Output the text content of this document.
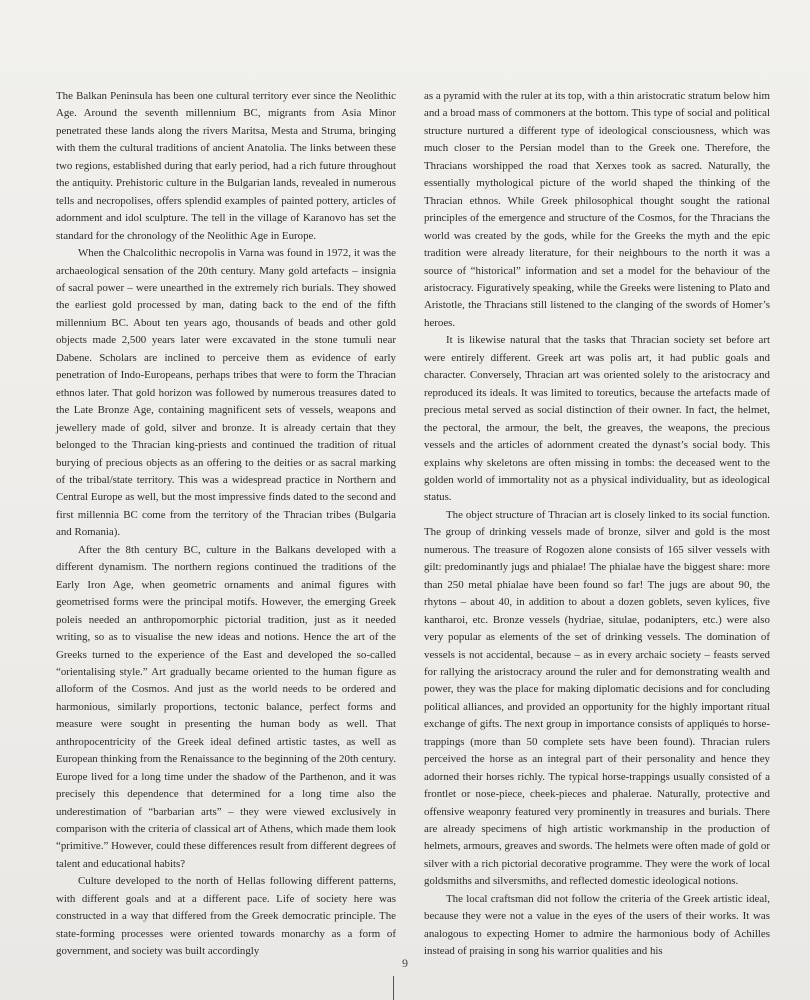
The Balkan Peninsula has been one cultural territory ever since the Neolithic Age. Around the seventh millennium BC, migrants from Asia Minor penetrated these lands along the rivers Maritsa, Mesta and Struma, bringing with them the cultural traditions of ancient Anatolia. The links between these two regions, established during that early period, had a rich future throughout the antiquity. Prehistoric culture in the Bulgarian lands, revealed in numerous tells and necropolises, offers splendid examples of painted pottery, articles of adornment and idol sculpture. The tell in the village of Karanovo has set the standard for the chronology of the Neolithic Age in Europe.

When the Chalcolithic necropolis in Varna was found in 1972, it was the archaeological sensation of the 20th century. Many gold artefacts – insignia of sacral power – were unearthed in the extremely rich burials. They showed the earliest gold processed by man, dating back to the end of the fifth millennium BC. About ten years ago, thousands of beads and other gold objects made 2,500 years later were excavated in the stone tumuli near Dabene. Scholars are inclined to perceive them as evidence of early penetration of Indo-Europeans, perhaps tribes that were to form the Thracian ethnos later. That gold horizon was followed by numerous treasures dated to the Late Bronze Age, containing magnificent sets of vessels, weapons and jewellery made of gold, silver and bronze. It is already certain that they belonged to the Thracian king-priests and continued the tradition of ritual burying of precious objects as an offering to the deities or as sacral marking of the tribal/state territory. This was a widespread practice in Northern and Central Europe as well, but the most impressive finds dated to the second and first millennia BC come from the territory of the Thracian tribes (Bulgaria and Romania).

After the 8th century BC, culture in the Balkans developed with a different dynamism. The northern regions continued the traditions of the Early Iron Age, when geometric ornaments and animal figures with geometrised forms were the principal motifs. However, the emerging Greek poleis needed an anthropomorphic pictorial tradition, just as it needed writing, so as to visualise the new ideas and notions. Hence the art of the Greeks turned to the experience of the East and developed the so-called “orientalising style.” Art gradually became oriented to the human figure as alloform of the Cosmos. And just as the world needs to be ordered and harmonious, similarly proportions, tectonic balance, perfect forms and measure were sought in presenting the human body as well. That anthropocentricity of the Greek ideal defined artistic tastes, as well as European thinking from the Renaissance to the beginning of the 20th century. Europe lived for a long time under the shadow of the Parthenon, and it was precisely this dependence that determined for a long time also the underestimation of “barbarian arts” – they were viewed exclusively in comparison with the criteria of classical art of Athens, which made them look “primitive.” However, could these differences result from different degrees of talent and educational habits?

Culture developed to the north of Hellas following different patterns, with different goals and at a different pace. Life of society here was constructed in a way that differed from the Greek democratic principle. The state-forming processes were oriented towards monarchy as a form of government, and society was built accordingly

as a pyramid with the ruler at its top, with a thin aristocratic stratum below him and a broad mass of commoners at the bottom. This type of social and political structure nurtured a different type of ideological consciousness, which was much closer to the Persian model than to the Greek one. Therefore, the Thracians worshipped the road that Xerxes took as sacred. Naturally, the essentially mythological picture of the world shaped the thinking of the Thracian ethnos. While Greek philosophical thought sought the rational principles of the emergence and structure of the Cosmos, for the Thracians the world was created by the gods, while for the Greeks the myth and the epic tradition were already literature, for their neighbours to the north it was a source of “historical” information and set a model for the behaviour of the aristocracy. Figuratively speaking, while the Greeks were listening to Plato and Aristotle, the Thracians still listened to the clanging of the swords of Homer’s heroes.

It is likewise natural that the tasks that Thracian society set before art were entirely different. Greek art was polis art, it had public goals and character. Conversely, Thracian art was oriented solely to the aristocracy and reproduced its ideals. It was limited to toreutics, because the artefacts made of precious metal served as social distinction of their owner. In fact, the helmet, the pectoral, the armour, the belt, the greaves, the weapons, the precious vessels and the articles of adornment created the dynast’s social body. This explains why skeletons are often missing in tombs: the deceased went to the golden world of immortality not as a physical individuality, but as ideological status.

The object structure of Thracian art is closely linked to its social function. The group of drinking vessels made of bronze, silver and gold is the most numerous. The treasure of Rogozen alone consists of 165 silver vessels with gilt: predominantly jugs and phialae! The phialae have the biggest share: more than 250 metal phialae have been found so far! The jugs are about 90, the rhytons – about 40, in addition to about a dozen goblets, seven kylices, five kantharoi, etc. Bronze vessels (hydriae, situlae, podanipters, etc.) were also very popular as elements of the set of drinking vessels. The domination of vessels is not accidental, because – as in every archaic society – feasts served for rallying the aristocracy around the ruler and for demonstrating wealth and power, they was the place for making diplomatic decisions and for concluding political alliances, and provided an opportunity for the highly important ritual exchange of gifts. The next group in importance consists of appliqués to horse-trappings (more than 50 complete sets have been found). Thracian rulers perceived the horse as an integral part of their personality and hence they adorned their horses richly. The typical horse-trappings usually consisted of a frontlet or nose-piece, cheek-pieces and phalerae. Naturally, protective and offensive weaponry featured very prominently in treasures and burials. There are already specimens of high artistic workmanship in the production of helmets, armours, greaves and swords. The helmets were often made of gold or silver with a rich pictorial decorative programme. They were the work of local goldsmiths and silversmiths, and reflected domestic ideological notions.

The local craftsman did not follow the criteria of the Greek artistic ideal, because they were not a value in the eyes of the users of their works. It was analogous to expecting Homer to admire the harmonious body of Achilles instead of praising in song his warrior qualities and his

9
